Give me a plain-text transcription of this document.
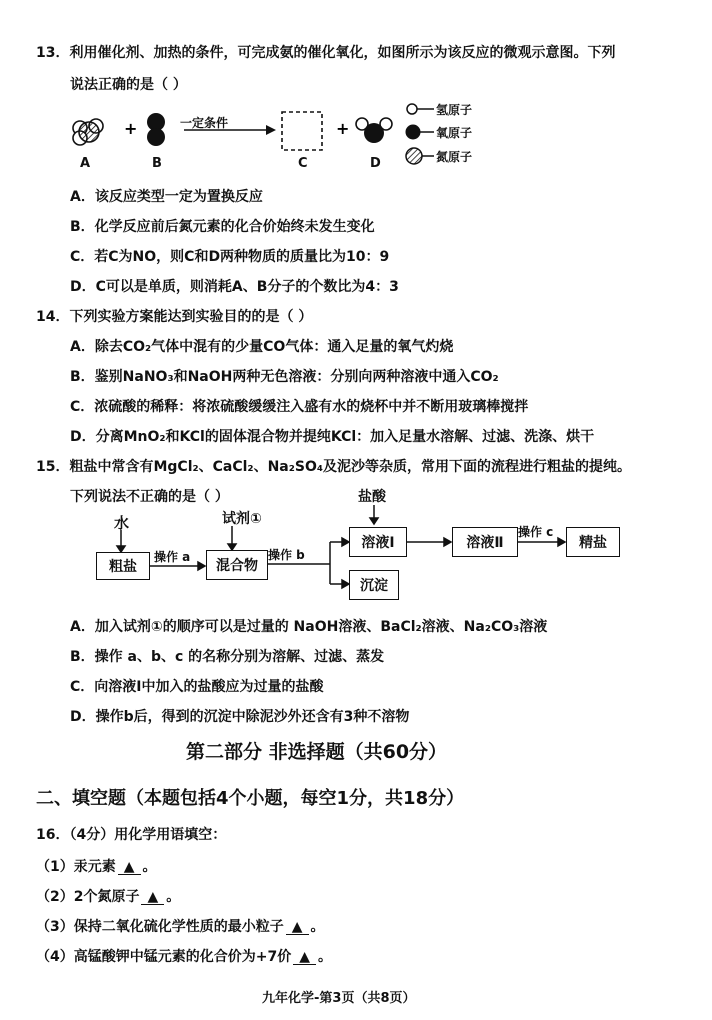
13．利用催化剂、加热的条件，可完成氨的催化氧化，如图所示为该反应的微观示意图。下列
说法正确的是（ ）
+	+
一定条件
A	B	C	D
氢原子
氧原子
氮原子
A．该反应类型一定为置换反应
B．化学反应前后氮元素的化合价始终未发生变化
C．若C为NO，则C和D两种物质的质量比为10：9
D．C可以是单质，则消耗A、B分子的个数比为4：3
14．下列实验方案能达到实验目的的是（ ）
A．除去CO₂气体中混有的少量CO气体：通入足量的氧气灼烧
B．鉴别NaNO₃和NaOH两种无色溶液：分别向两种溶液中通入CO₂
C．浓硫酸的稀释：将浓硫酸缓缓注入盛有水的烧杯中并不断用玻璃棒搅拌
D．分离MnO₂和KCl的固体混合物并提纯KCl：加入足量水溶解、过滤、洗涤、烘干
15．粗盐中常含有MgCl₂、CaCl₂、Na₂SO₄及泥沙等杂质，常用下面的流程进行粗盐的提纯。
下列说法不正确的是（ ）
水	试剂①
盐酸
粗盐	混合物
溶液Ⅰ	溶液Ⅱ	精盐
沉淀
操作 a	操作 b
操作 c
A．加入试剂①的顺序可以是过量的 NaOH溶液、BaCl₂溶液、Na₂CO₃溶液
B．操作 a、b、c 的名称分别为溶解、过滤、蒸发
C．向溶液Ⅰ中加入的盐酸应为过量的盐酸
D．操作b后，得到的沉淀中除泥沙外还含有3种不溶物
第二部分 非选择题（共60分）
二、填空题（本题包括4个小题，每空1分，共18分）
16．（4分）用化学用语填空：
（1）汞元素 ▲ 。
（2）2个氮原子 ▲ 。
（3）保持二氧化硫化学性质的最小粒子 ▲ 。
（4）高锰酸钾中锰元素的化合价为+7价 ▲ 。
九年化学-第3页（共8页）
